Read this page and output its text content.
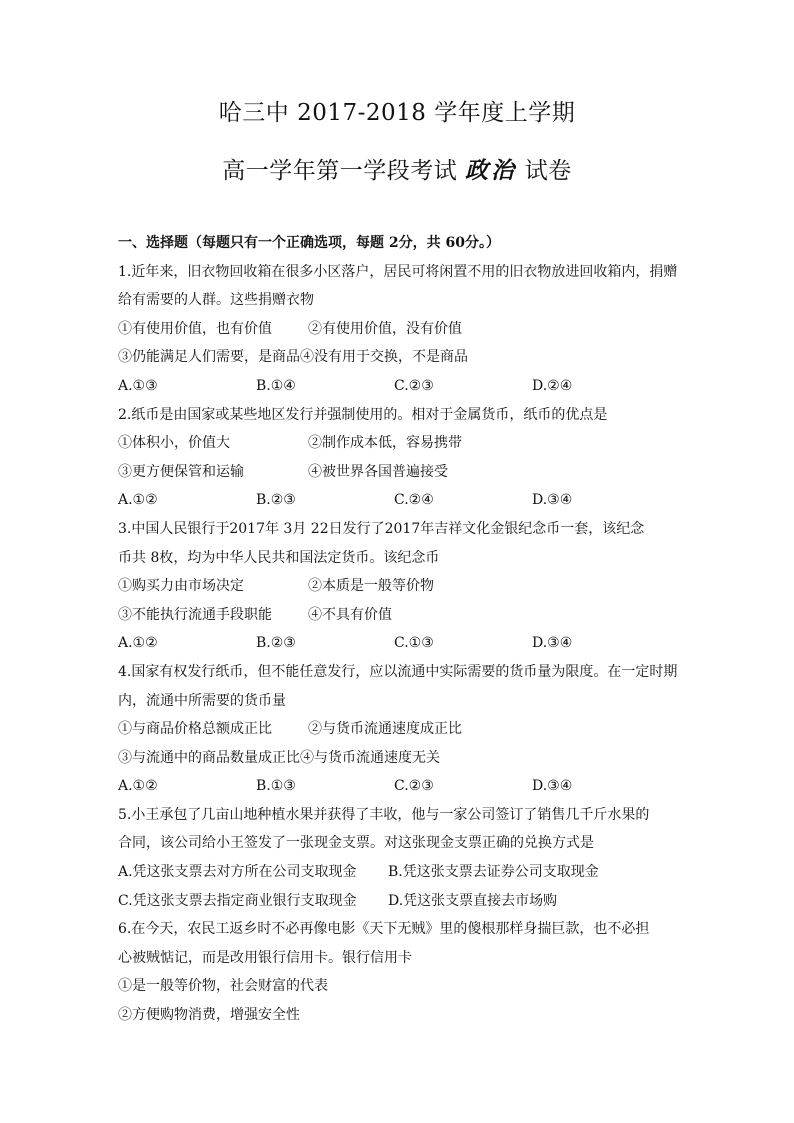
哈三中 2017-2018 学年度上学期
高一学年第一学段考试 政治 试卷
一、选择题（每题只有一个正确选项，每题 2分，共 60分。）
1.近年来，旧衣物回收箱在很多小区落户，居民可将闲置不用的旧衣物放进回收箱内，捐赠
给有需要的人群。这些捐赠衣物
①有使用价值，也有价值	②有使用价值，没有价值
③仍能满足人们需要，是商品④没有用于交换，不是商品
A.①③	B.①④	C.②③	D.②④
2.纸币是由国家或某些地区发行并强制使用的。相对于金属货币，纸币的优点是
①体积小，价值大	②制作成本低，容易携带
③更方便保管和运输	④被世界各国普遍接受
A.①②	B.②③	C.②④	D.③④
3.中国人民银行于2017年 3月 22日发行了2017年吉祥文化金银纪念币一套，该纪念
币共 8枚，均为中华人民共和国法定货币。该纪念币
①购买力由市场决定	②本质是一般等价物
③不能执行流通手段职能	④不具有价值
A.①②	B.②③	C.①③	D.③④
4.国家有权发行纸币，但不能任意发行，应以流通中实际需要的货币量为限度。在一定时期
内，流通中所需要的货币量
①与商品价格总额成正比	②与货币流通速度成正比
③与流通中的商品数量成正比④与货币流通速度无关
A.①②	B.①③	C.②③	D.③④
5.小王承包了几亩山地种植水果并获得了丰收，他与一家公司签订了销售几千斤水果的
合同，该公司给小王签发了一张现金支票。对这张现金支票正确的兑换方式是
A.凭这张支票去对方所在公司支取现金	B.凭这张支票去证券公司支取现金
C.凭这张支票去指定商业银行支取现金	D.凭这张支票直接去市场购
6.在今天，农民工返乡时不必再像电影《天下无贼》里的傻根那样身揣巨款，也不必担
心被贼惦记，而是改用银行信用卡。银行信用卡
①是一般等价物，社会财富的代表
②方便购物消费，增强安全性
